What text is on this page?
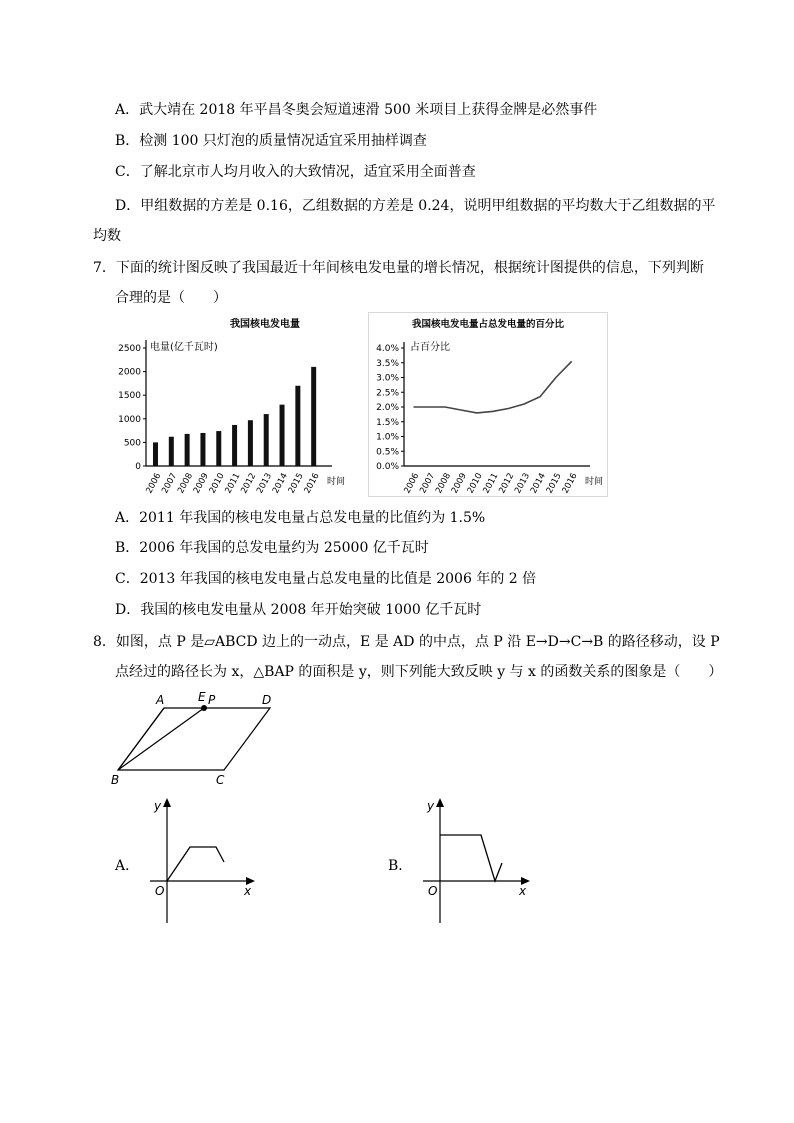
A．武大靖在 2018 年平昌冬奥会短道速滑 500 米项目上获得金牌是必然事件
B．检测 100 只灯泡的质量情况适宜采用抽样调查
C．了解北京市人均月收入的大致情况，适宜采用全面普查
D．甲组数据的方差是 0.16，乙组数据的方差是 0.24，说明甲组数据的平均数大于乙组数据的平
均数
7．下面的统计图反映了我国最近十年间核电发电量的增长情况，根据统计图提供的信息，下列判断
合理的是（　　）
我国核电发电量
电量(亿千瓦时)
0
500
1000
1500
2000
2500
2006
2007
2008
2009
2010
2011
2012
2013
2014
2015
2016 时间
我国核电发电量占总发电量的百分比
占百分比
0.0%
0.5%
1.0%
1.5%
2.0%
2.5%
3.0%
3.5%
4.0%
2006
2007
2008
2009
2010
2011
2012
2013
2014
2015
2016 时间
A．2011 年我国的核电发电量占总发电量的比值约为 1.5%
B．2006 年我国的总发电量约为 25000 亿千瓦时
C．2013 年我国的核电发电量占总发电量的比值是 2006 年的 2 倍
D．我国的核电发电量从 2008 年开始突破 1000 亿千瓦时
8．如图，点 P 是▱ABCD 边上的一动点，E 是 AD 的中点，点 P 沿 E→D→C→B 的路径移动，设 P
点经过的路径长为 x，△BAP 的面积是 y，则下列能大致反映 y 与 x 的函数关系的图象是（　　）
A	D
E P
B	C
A．
y
x
O
B．
y
x
O
